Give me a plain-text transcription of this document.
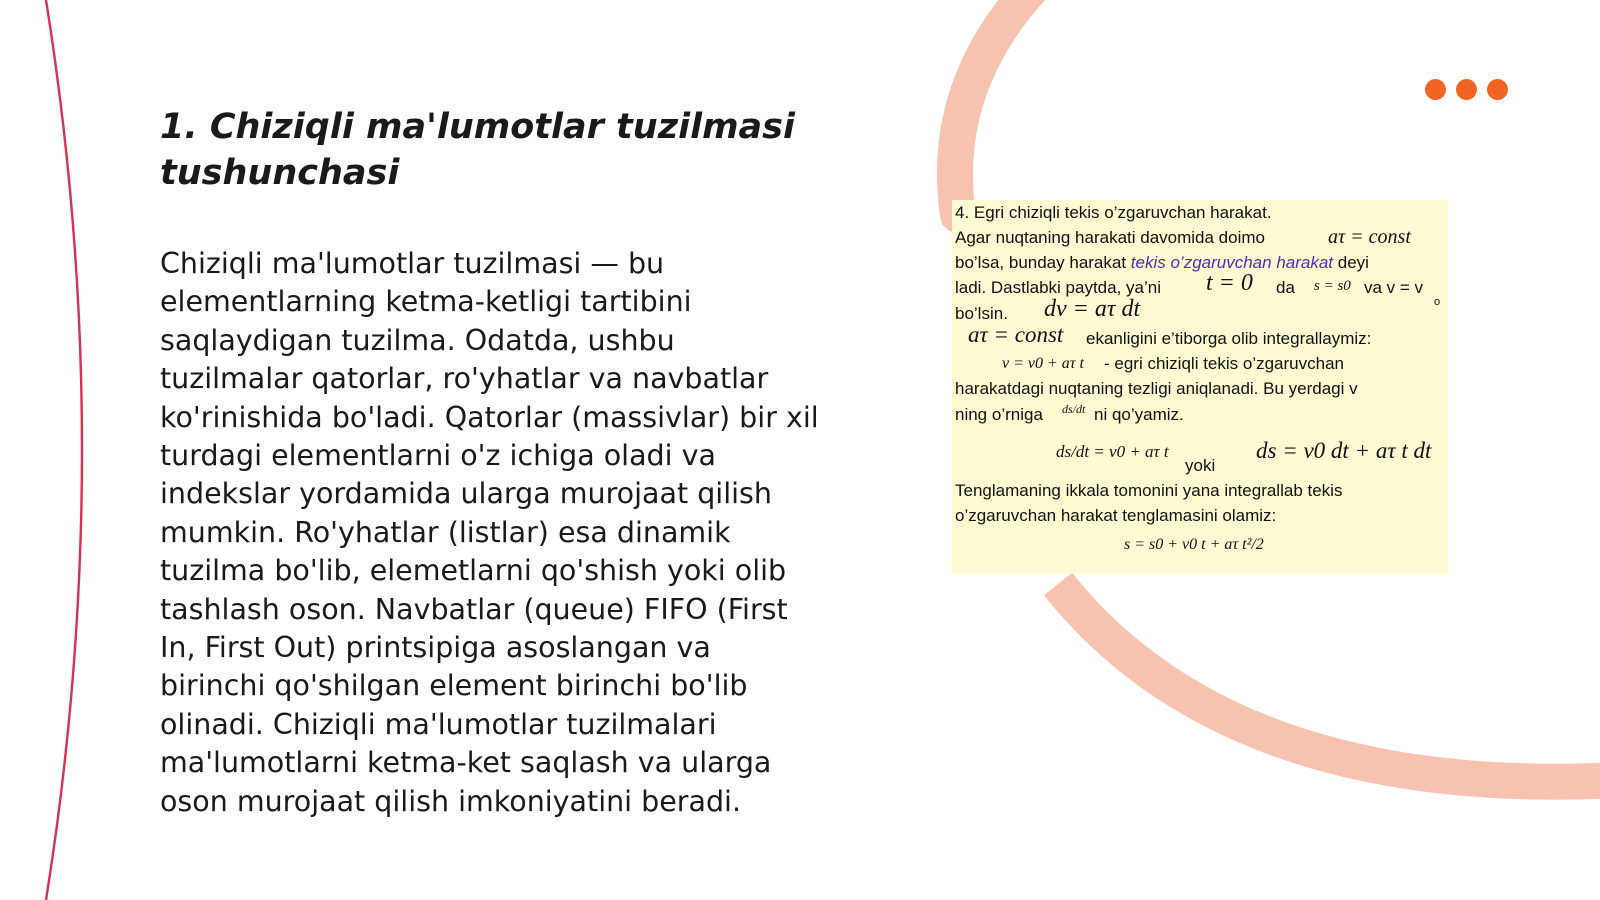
1. Chiziqli ma'lumotlar tuzilmasi tushunchasi

Chiziqli ma'lumotlar tuzilmasi — bu elementlarning ketma-ketligi tartibini saqlaydigan tuzilma. Odatda, ushbu tuzilmalar qatorlar, ro'yhatlar va navbatlar ko'rinishida bo'ladi. Qatorlar (massivlar) bir xil turdagi elementlarni o'z ichiga oladi va indekslar yordamida ularga murojaat qilish mumkin. Ro'yhatlar (listlar) esa dinamik tuzilma bo'lib, elemetlarni qo'shish yoki olib tashlash oson. Navbatlar (queue) FIFO (First In, First Out) printsipiga asoslangan va birinchi qo'shilgan element birinchi bo'lib olinadi. Chiziqli ma'lumotlar tuzilmalari ma'lumotlarni ketma-ket saqlash va ularga oson murojaat qilish imkoniyatini beradi.

4. Egri chiziqli tekis o’zgaruvchan harakat.
Agar nuqtaning harakati davomida doimo	aτ = const
bo’lsa, bunday harakat tekis o’zgaruvchan harakat deyi
ladi. Dastlabki paytda, ya’ni t = 0 da s = s0 va v = v
o
bo’lsin. dv = aτ dt
aτ = const ekanligini e’tiborga olib integrallaymiz:
v = v0 + aτ t - egri chiziqli tekis o’zgaruvchan
harakatdagi nuqtaning tezligi aniqlanadi. Bu yerdagi v
ning o’rniga ds/dt ni qo’yamiz.
ds/dt = v0 + aτ t
yoki
ds = v0 dt + aτ t dt
Tenglamaning ikkala tomonini yana integrallab tekis
o’zgaruvchan harakat tenglamasini olamiz:
s = s0 + v0 t + aτ t²/2
